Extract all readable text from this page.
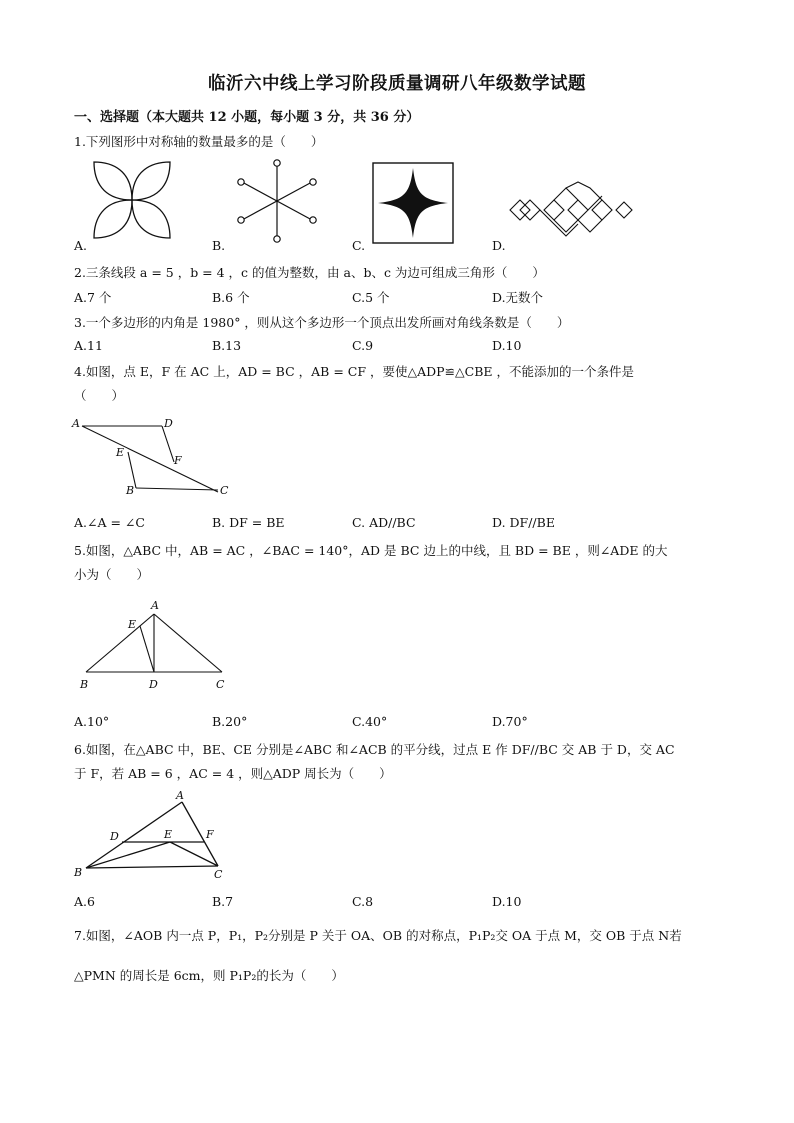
临沂六中线上学习阶段质量调研八年级数学试题
一、选择题（本大题共 12 小题，每小题 3 分，共 36 分）
1.下列图形中对称轴的数量最多的是（　　）
A.	B.	C.	D.
2.三条线段 a = 5 ，b = 4 ，c 的值为整数，由 a、b、c 为边可组成三角形（　　）
A.7 个	B.6 个	C.5 个	D.无数个
3.一个多边形的内角是 1980° ，则从这个多边形一个顶点出发所画对角线条数是（　　）
A.11	B.13	C.9	D.10
4.如图，点 E，F 在 AC 上，AD = BC ，AB = CF ，要使△ADP≌△CBE ，不能添加的一个条件是
（　　）
A	D
E
F
B	C
A.∠A = ∠C	B. DF = BE	C. AD//BC	D. DF//BE
5.如图，△ABC 中，AB = AC ，∠BAC = 140°，AD 是 BC 边上的中线，且 BD = BE ，则∠ADE 的大
小为（　　）
A
E
B	D	C
A.10°	B.20°	C.40°	D.70°
6.如图，在△ABC 中，BE、CE 分别是∠ABC 和∠ACB 的平分线，过点 E 作 DF//BC 交 AB 于 D，交 AC
于 F，若 AB = 6 ，AC = 4 ，则△ADP 周长为（　　）
A
D	E	F
B	C
A.6	B.7	C.8	D.10
7.如图，∠AOB 内一点 P，P₁，P₂分别是 P 关于 OA、OB 的对称点，P₁P₂交 OA 于点 M，交 OB 于点 N若
△PMN 的周长是 6cm，则 P₁P₂的长为（　　）
